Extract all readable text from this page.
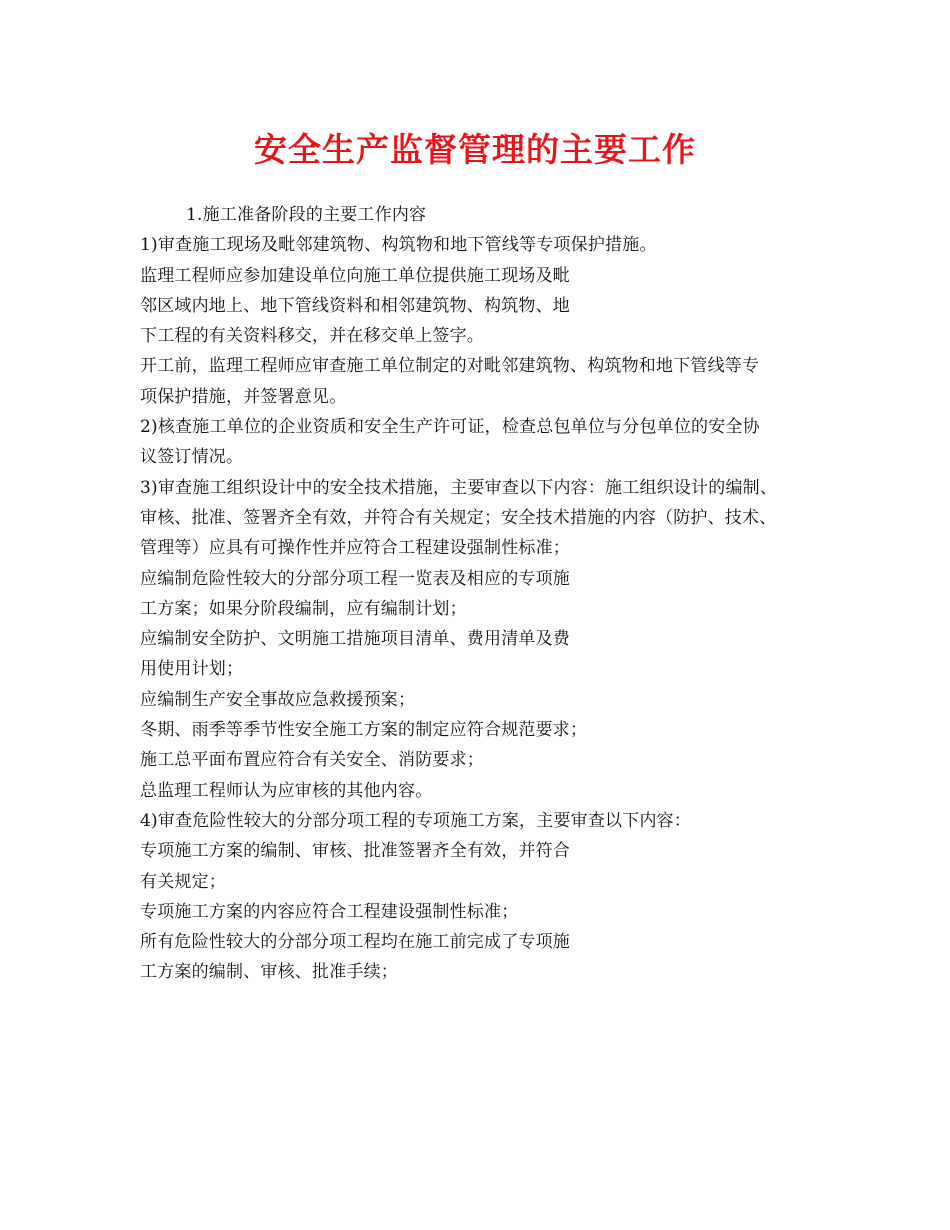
安全生产监督管理的主要工作
1.施工准备阶段的主要工作内容
1)审查施工现场及毗邻建筑物、构筑物和地下管线等专项保护措施。
监理工程师应参加建设单位向施工单位提供施工现场及毗
邻区域内地上、地下管线资料和相邻建筑物、构筑物、地
下工程的有关资料移交，并在移交单上签字。
开工前，监理工程师应审查施工单位制定的对毗邻建筑物、构筑物和地下管线等专
项保护措施，并签署意见。
2)核查施工单位的企业资质和安全生产许可证，检查总包单位与分包单位的安全协
议签订情况。
3)审查施工组织设计中的安全技术措施，主要审查以下内容：施工组织设计的编制、
审核、批准、签署齐全有效，并符合有关规定；安全技术措施的内容（防护、技术、
管理等）应具有可操作性并应符合工程建设强制性标准；
应编制危险性较大的分部分项工程一览表及相应的专项施
工方案；如果分阶段编制，应有编制计划；
应编制安全防护、文明施工措施项目清单、费用清单及费
用使用计划；
应编制生产安全事故应急救援预案；
冬期、雨季等季节性安全施工方案的制定应符合规范要求；
施工总平面布置应符合有关安全、消防要求；
总监理工程师认为应审核的其他内容。
4)审查危险性较大的分部分项工程的专项施工方案，主要审查以下内容：
专项施工方案的编制、审核、批准签署齐全有效，并符合
有关规定；
专项施工方案的内容应符合工程建设强制性标准；
所有危险性较大的分部分项工程均在施工前完成了专项施
工方案的编制、审核、批准手续；
